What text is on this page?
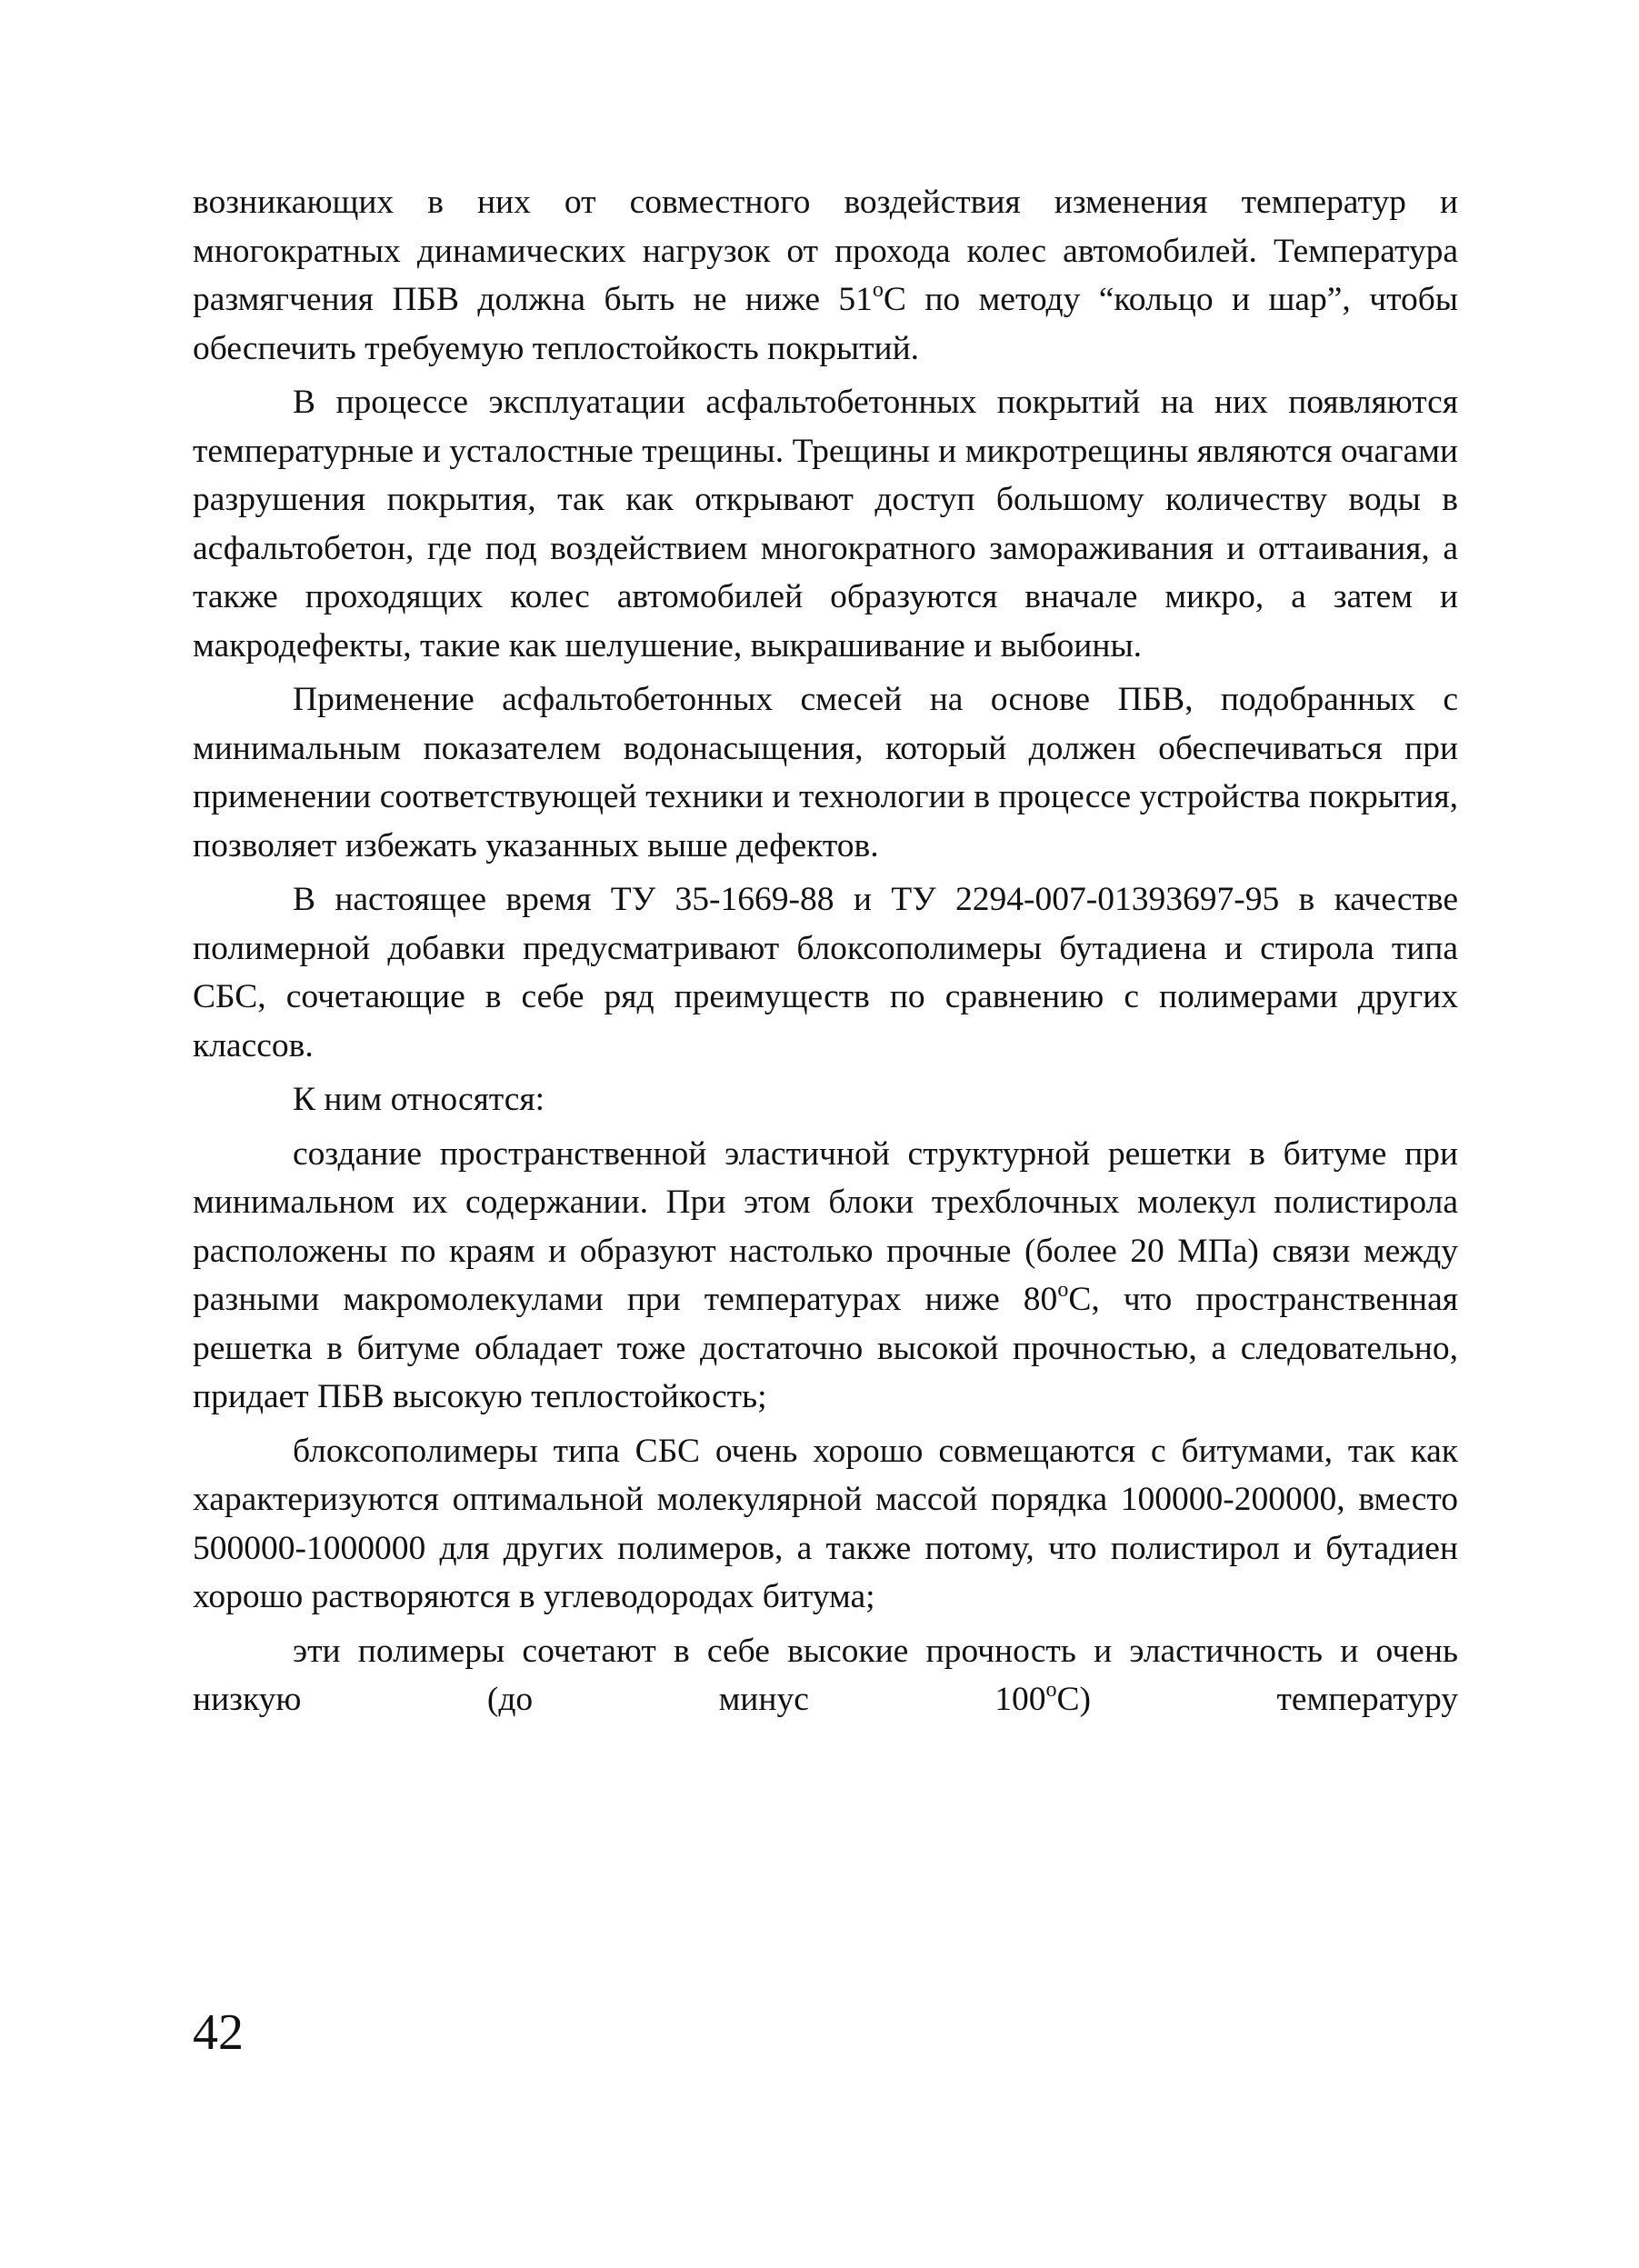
возникающих в них от совместного воздействия изменения температур и многократных динамических нагрузок от прохода колес автомобилей. Температура размягчения ПБВ должна быть не ниже $51^оС$ по методу “кольцо и шар”, чтобы обеспечить требуемую теплостойкость покрытий.

В процессе эксплуатации асфальтобетонных покрытий на них появляются температурные и усталостные трещины. Трещины и микротрещины являются очагами разрушения покрытия, так как открывают доступ большому количеству воды в асфальтобетон, где под воздействием многократного замораживания и оттаивания, а также проходящих колес автомобилей образуются вначале микро, а затем и макродефекты, такие как шелушение, выкрашивание и выбоины.

Применение асфальтобетонных смесей на основе ПБВ, подобранных с минимальным показателем водонасыщения, который должен обеспечиваться при применении соответствующей техники и технологии в процессе устройства покрытия, позволяет избежать указанных выше дефектов.

В настоящее время ТУ 35-1669-88 и ТУ 2294-007-01393697-95 в качестве полимерной добавки предусматривают блоксополимеры бутадиена и стирола типа СБС, сочетающие в себе ряд преимуществ по сравнению с полимерами других классов.

К ним относятся:

создание пространственной эластичной структурной решетки в битуме при минимальном их содержании. При этом блоки трехблочных молекул полистирола расположены по краям и образуют настолько прочные (более 20 МПа) связи между разными макромолекулами при температурах ниже $80^оС$, что пространственная решетка в битуме обладает тоже достаточно высокой прочностью, а следовательно, придает ПБВ высокую теплостойкость;

блоксополимеры типа СБС очень хорошо совмещаются с битумами, так как характеризуются оптимальной молекулярной массой порядка 100000-200000, вместо 500000-1000000 для других полимеров, а также потому, что полистирол и бутадиен хорошо растворяются в углеводородах битума;

эти полимеры сочетают в себе высокие прочность и эластичность и очень низкую (до минус $100^оС$) температуру

42
